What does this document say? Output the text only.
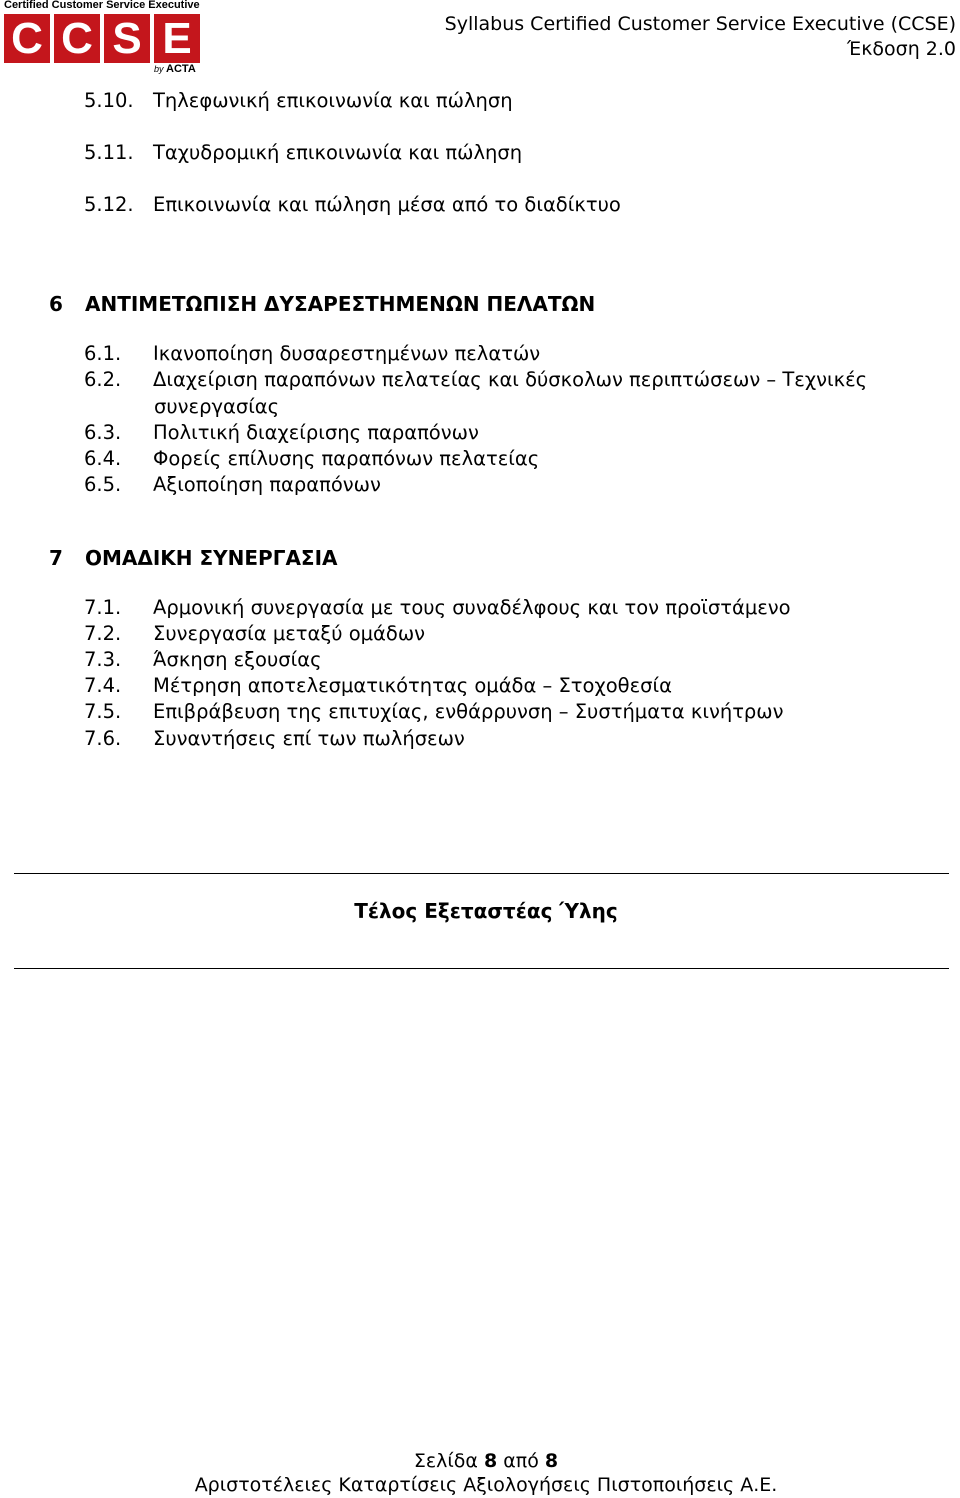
Certified Customer Service Executive
C C S E
by ACTA
Syllabus Certified Customer Service Executive (CCSE)
Έκδοση 2.0
5.10. Τηλεφωνική επικοινωνία και πώληση
5.11. Ταχυδρομική επικοινωνία και πώληση
5.12. Επικοινωνία και πώληση μέσα από το διαδίκτυο
6 ΑΝΤΙΜΕΤΩΠΙΣΗ ΔΥΣΑΡΕΣΤΗΜΕΝΩΝ ΠΕΛΑΤΩΝ
6.1. Ικανοποίηση δυσαρεστημένων πελατών
6.2. Διαχείριση παραπόνων πελατείας και δύσκολων περιπτώσεων – Τεχνικές
συνεργασίας
6.3. Πολιτική διαχείρισης παραπόνων
6.4. Φορείς επίλυσης παραπόνων πελατείας
6.5. Αξιοποίηση παραπόνων
7 ΟΜΑΔΙΚΗ ΣΥΝΕΡΓΑΣΙΑ
7.1. Αρμονική συνεργασία με τους συναδέλφους και τον προϊστάμενο
7.2. Συνεργασία μεταξύ ομάδων
7.3. Άσκηση εξουσίας
7.4. Μέτρηση αποτελεσματικότητας ομάδα – Στοχοθεσία
7.5. Επιβράβευση της επιτυχίας, ενθάρρυνση – Συστήματα κινήτρων
7.6. Συναντήσεις επί των πωλήσεων
Τέλος Εξεταστέας Ύλης
Σελίδα 8 από 8
Αριστοτέλειες Καταρτίσεις Αξιολογήσεις Πιστοποιήσεις Α.Ε.
